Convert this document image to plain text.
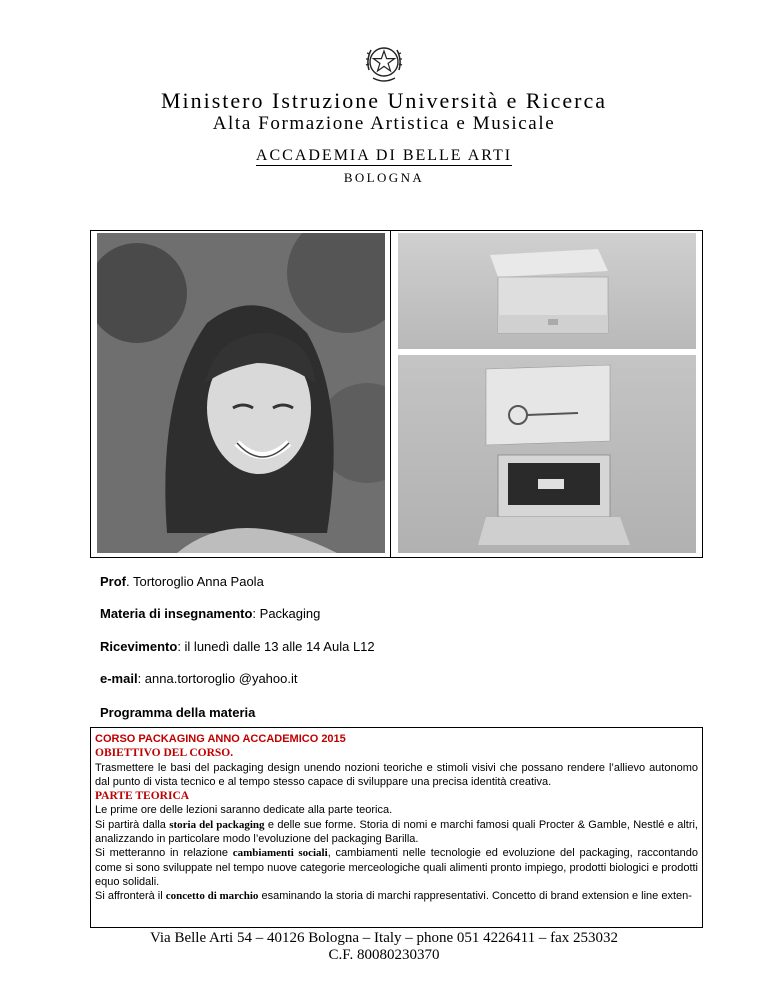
Ministero Istruzione Università e Ricerca
Alta Formazione Artistica e Musicale
ACCADEMIA DI BELLE ARTI
BOLOGNA
Prof. Tortoroglio Anna Paola
Materia di insegnamento: Packaging
Ricevimento: il lunedì dalle 13 alle 14 Aula L12
e-mail: anna.tortoroglio @yahoo.it
Programma della materia

CORSO PACKAGING ANNO ACCADEMICO 2015

OBIETTIVO DEL CORSO.

Trasmettere le basi del packaging design unendo nozioni teoriche e stimoli visivi che possano rendere l’allievo autonomo dal punto di vista tecnico e al tempo stesso capace di sviluppare una precisa identità creativa.

PARTE TEORICA

Le prime ore delle lezioni saranno dedicate alla parte teorica.

Si partirà dalla storia del packaging e delle sue forme. Storia di nomi e marchi famosi quali Procter & Gamble, Nestlé e altri, analizzando in particolare modo l’evoluzione del packaging Barilla.

Si metteranno in relazione cambiamenti sociali, cambiamenti nelle tecnologie ed evoluzione del packaging, raccontando come si sono sviluppate nel tempo nuove categorie merceologiche quali alimenti pronto impiego, prodotti biologici e prodotti equo solidali.

Si affronterà il concetto di marchio esaminando la storia di marchi rappresentativi. Concetto di brand extension e line exten-

Via Belle Arti 54 – 40126 Bologna – Italy – phone 051 4226411 – fax 253032
C.F. 80080230370
